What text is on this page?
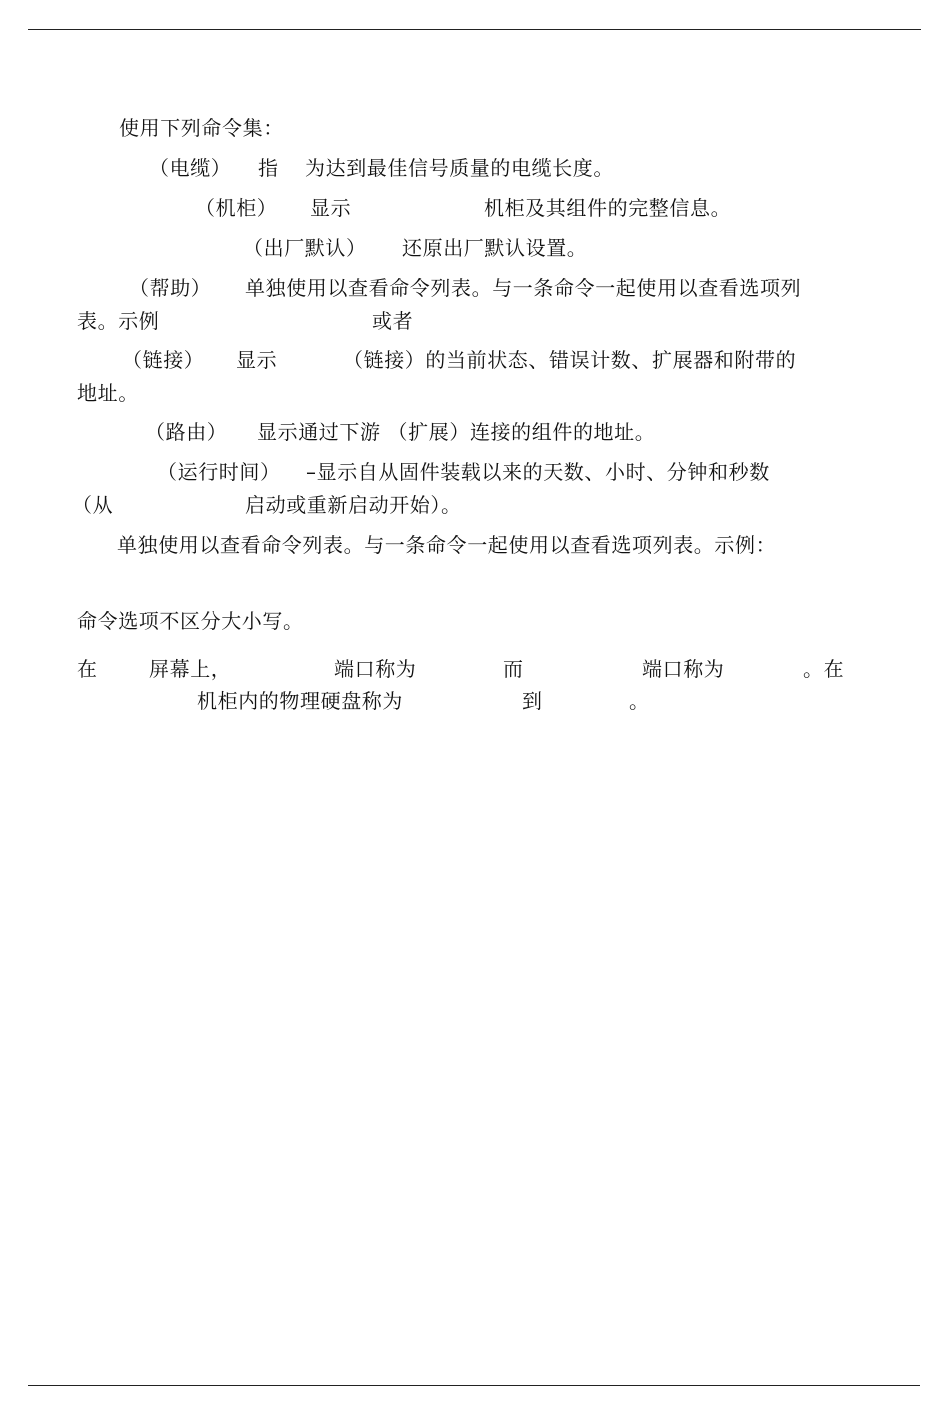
使用下列命令集：
（电缆） 指 为达到最佳信号质量的电缆长度。
（机柜） 显示	机柜及其组件的完整信息。
（出厂默认） 还原出厂默认设置。
（帮助） 单独使用以查看命令列表。与一条命令一起使用以查看选项列
表。示例	或者
（链接） 显示	（链接）的当前状态、错误计数、扩展器和附带的
地址。
（路由） 显示通过下游 （扩展）连接的组件的地址。
（运行时间） –显示自从固件装载以来的天数、小时、分钟和秒数
（从	启动或重新启动开始）。
单独使用以查看命令列表。与一条命令一起使用以查看选项列表。示例：
命令选项不区分大小写。
在	屏幕上，	端口称为	而	端口称为	。在
机柜内的物理硬盘称为	到	。
